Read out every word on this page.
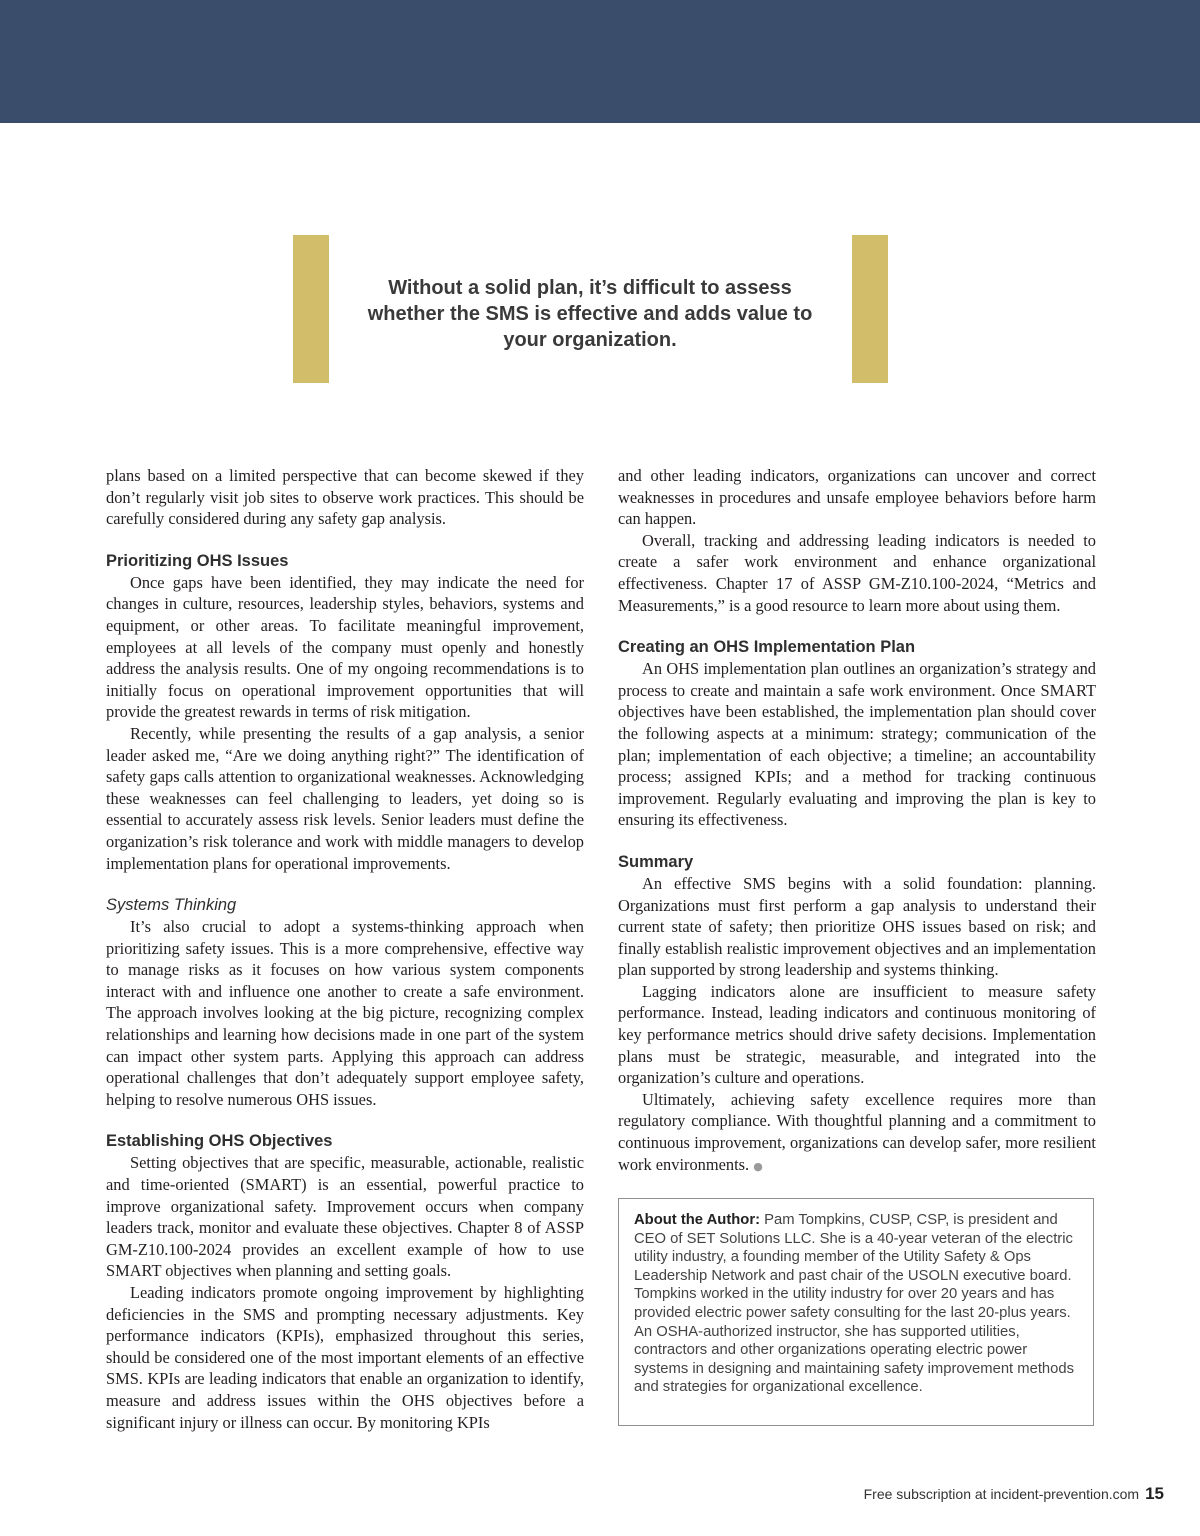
Without a solid plan, it’s difficult to assess whether the SMS is effective and adds value to your organization.

plans based on a limited perspective that can become skewed if they don’t regularly visit job sites to observe work practices. This should be carefully considered during any safety gap analysis.

Prioritizing OHS Issues

Once gaps have been identified, they may indicate the need for changes in culture, resources, leadership styles, behaviors, systems and equipment, or other areas. To facilitate meaningful improvement, employees at all levels of the company must openly and honestly address the analysis results. One of my ongoing recommendations is to initially focus on operational improvement opportunities that will provide the greatest rewards in terms of risk mitigation.

Recently, while presenting the results of a gap analysis, a senior leader asked me, “Are we doing anything right?” The identification of safety gaps calls attention to organizational weaknesses. Acknowledging these weaknesses can feel challenging to leaders, yet doing so is essential to accurately assess risk levels. Senior leaders must define the organization’s risk tolerance and work with middle managers to develop implementation plans for operational improvements.

Systems Thinking

It’s also crucial to adopt a systems-thinking approach when prioritizing safety issues. This is a more comprehensive, effective way to manage risks as it focuses on how various system components interact with and influence one another to create a safe environment. The approach involves looking at the big picture, recognizing complex relationships and learning how decisions made in one part of the system can impact other system parts. Applying this approach can address operational challenges that don’t adequately support employee safety, helping to resolve numerous OHS issues.

Establishing OHS Objectives

Setting objectives that are specific, measurable, actionable, realistic and time-oriented (SMART) is an essential, powerful practice to improve organizational safety. Improvement occurs when company leaders track, monitor and evaluate these objectives. Chapter 8 of ASSP GM-Z10.100-2024 provides an excellent example of how to use SMART objectives when planning and setting goals.

Leading indicators promote ongoing improvement by highlighting deficiencies in the SMS and prompting necessary adjustments. Key performance indicators (KPIs), emphasized throughout this series, should be considered one of the most important elements of an effective SMS. KPIs are leading indicators that enable an organization to identify, measure and address issues within the OHS objectives before a significant injury or illness can occur. By monitoring KPIs

and other leading indicators, organizations can uncover and correct weaknesses in procedures and unsafe employee behaviors before harm can happen.

Overall, tracking and addressing leading indicators is needed to create a safer work environment and enhance organizational effectiveness. Chapter 17 of ASSP GM-Z10.100-2024, “Metrics and Measurements,” is a good resource to learn more about using them.

Creating an OHS Implementation Plan

An OHS implementation plan outlines an organization’s strategy and process to create and maintain a safe work environment. Once SMART objectives have been established, the implementation plan should cover the following aspects at a minimum: strategy; communication of the plan; implementation of each objective; a timeline; an accountability process; assigned KPIs; and a method for tracking continuous improvement. Regularly evaluating and improving the plan is key to ensuring its effectiveness.

Summary

An effective SMS begins with a solid foundation: planning. Organizations must first perform a gap analysis to understand their current state of safety; then prioritize OHS issues based on risk; and finally establish realistic improvement objectives and an implementation plan supported by strong leadership and systems thinking.

Lagging indicators alone are insufficient to measure safety performance. Instead, leading indicators and continuous monitoring of key performance metrics should drive safety decisions. Implementation plans must be strategic, measurable, and integrated into the organization’s culture and operations.

Ultimately, achieving safety excellence requires more than regulatory compliance. With thoughtful planning and a commitment to continuous improvement, organizations can develop safer, more resilient work environments. ●

About the Author: Pam Tompkins, CUSP, CSP, is president and CEO of SET Solutions LLC. She is a 40-year veteran of the electric utility industry, a founding member of the Utility Safety & Ops Leadership Network and past chair of the USOLN executive board. Tompkins worked in the utility industry for over 20 years and has provided electric power safety consulting for the last 20-plus years. An OSHA-authorized instructor, she has supported utilities, contractors and other organizations operating electric power systems in designing and maintaining safety improvement methods and strategies for organizational excellence.

Free subscription at incident-prevention.com 15
